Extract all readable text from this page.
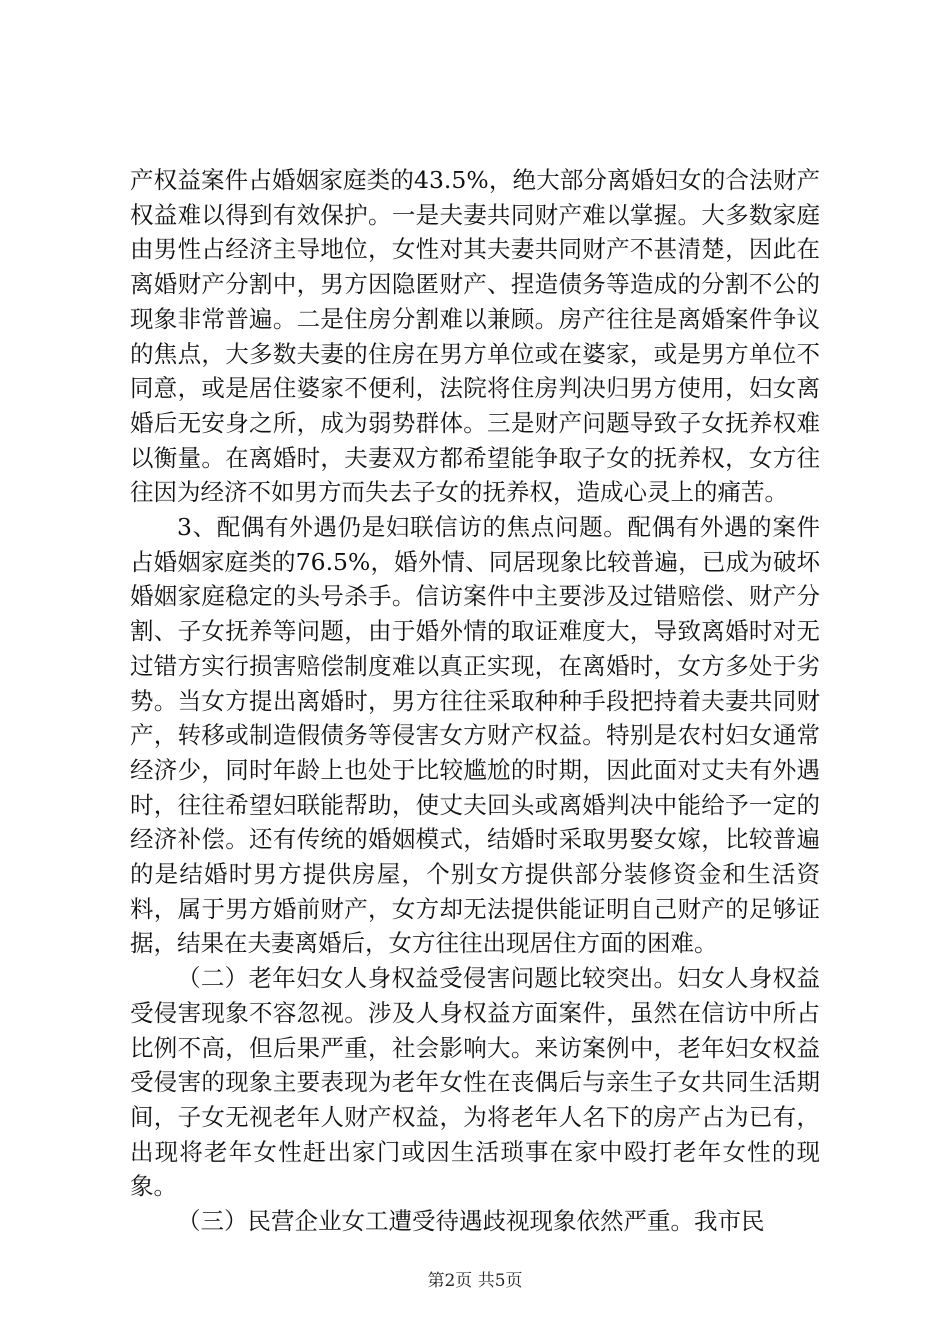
产权益案件占婚姻家庭类的43.5%，绝大部分离婚妇女的合法财产权益难以得到有效保护。一是夫妻共同财产难以掌握。大多数家庭由男性占经济主导地位，女性对其夫妻共同财产不甚清楚，因此在离婚财产分割中，男方因隐匿财产、捏造债务等造成的分割不公的现象非常普遍。二是住房分割难以兼顾。房产往往是离婚案件争议的焦点，大多数夫妻的住房在男方单位或在婆家，或是男方单位不同意，或是居住婆家不便利，法院将住房判决归男方使用，妇女离婚后无安身之所，成为弱势群体。三是财产问题导致子女抚养权难以衡量。在离婚时，夫妻双方都希望能争取子女的抚养权，女方往往因为经济不如男方而失去子女的抚养权，造成心灵上的痛苦。

3、配偶有外遇仍是妇联信访的焦点问题。配偶有外遇的案件占婚姻家庭类的76.5%，婚外情、同居现象比较普遍，已成为破坏婚姻家庭稳定的头号杀手。信访案件中主要涉及过错赔偿、财产分割、子女抚养等问题，由于婚外情的取证难度大，导致离婚时对无过错方实行损害赔偿制度难以真正实现，在离婚时，女方多处于劣势。当女方提出离婚时，男方往往采取种种手段把持着夫妻共同财产，转移或制造假债务等侵害女方财产权益。特别是农村妇女通常经济少，同时年龄上也处于比较尴尬的时期，因此面对丈夫有外遇时，往往希望妇联能帮助，使丈夫回头或离婚判决中能给予一定的经济补偿。还有传统的婚姻模式，结婚时采取男娶女嫁，比较普遍的是结婚时男方提供房屋，个别女方提供部分装修资金和生活资料，属于男方婚前财产，女方却无法提供能证明自己财产的足够证据，结果在夫妻离婚后，女方往往出现居住方面的困难。

（二）老年妇女人身权益受侵害问题比较突出。妇女人身权益受侵害现象不容忽视。涉及人身权益方面案件，虽然在信访中所占比例不高，但后果严重，社会影响大。来访案例中，老年妇女权益受侵害的现象主要表现为老年女性在丧偶后与亲生子女共同生活期间，子女无视老年人财产权益，为将老年人名下的房产占为已有，出现将老年女性赶出家门或因生活琐事在家中殴打老年女性的现象。

（三）民营企业女工遭受待遇歧视现象依然严重。我市民

第2页 共5页
